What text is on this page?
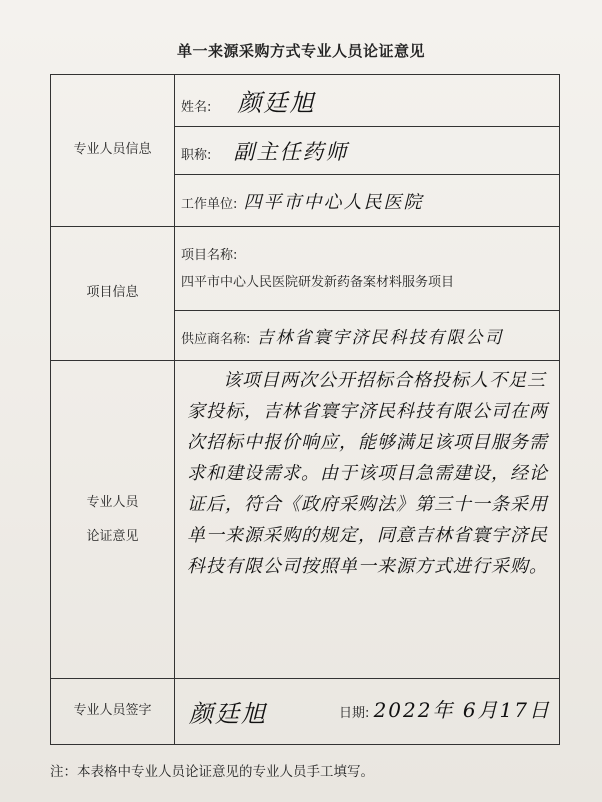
单一来源采购方式专业人员论证意见
专业人员信息	姓名: 颜廷旭
	职称: 副主任药师
	工作单位: 四平市中心人民医院
项目信息	项目名称:
四平市中心人民医院研发新药备案材料服务项目

	供应商名称: 吉林省寰宇济民科技有限公司

专业人员
论证意见	该项目两次公开招标合格投标人不足三家投标，吉林省寰宇济民科技有限公司在两次招标中报价响应，能够满足该项目服务需求和建设需求。由于该项目急需建设，经论证后，符合《政府采购法》第三十一条采用单一来源采购的规定，同意吉林省寰宇济民科技有限公司按照单一来源方式进行采购。

专业人员签字	颜廷旭 日期: 2022年 6月17日
注：本表格中专业人员论证意见的专业人员手工填写。
